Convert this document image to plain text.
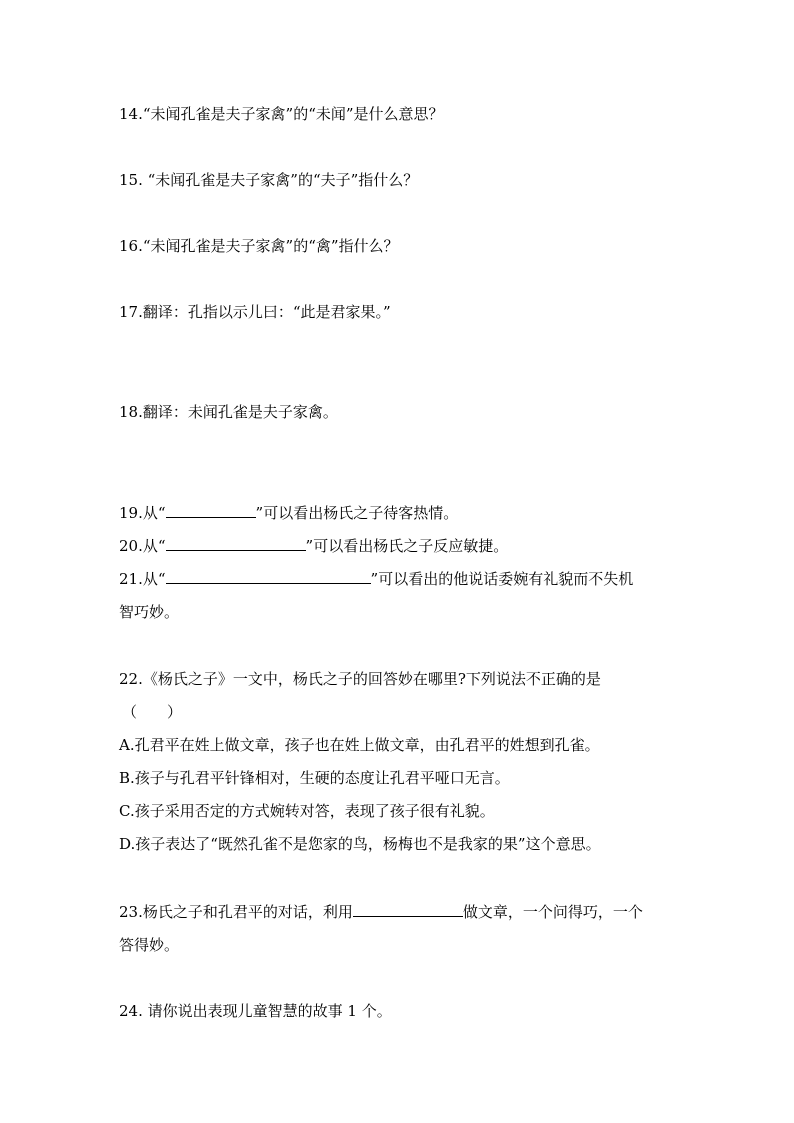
14.“未闻孔雀是夫子家禽”的“未闻”是什么意思？
15. “未闻孔雀是夫子家禽”的“夫子”指什么？
16.“未闻孔雀是夫子家禽”的“禽”指什么？
17.翻译：孔指以示儿曰：“此是君家果。”
18.翻译：未闻孔雀是夫子家禽。
19.从“	”可以看出杨氏之子待客热情。
20.从“	”可以看出杨氏之子反应敏捷。
21.从“	”可以看出的他说话委婉有礼貌而不失机
智巧妙。
22.《杨氏之子》一文中，杨氏之子的回答妙在哪里?下列说法不正确的是
（　　）
A.孔君平在姓上做文章，孩子也在姓上做文章，由孔君平的姓想到孔雀。
B.孩子与孔君平针锋相对，生硬的态度让孔君平哑口无言。
C.孩子采用否定的方式婉转对答，表现了孩子很有礼貌。
D.孩子表达了“既然孔雀不是您家的鸟，杨梅也不是我家的果”这个意思。
23.杨氏之子和孔君平的对话，利用	做文章，一个问得巧，一个
答得妙。
24. 请你说出表现儿童智慧的故事 1 个。
